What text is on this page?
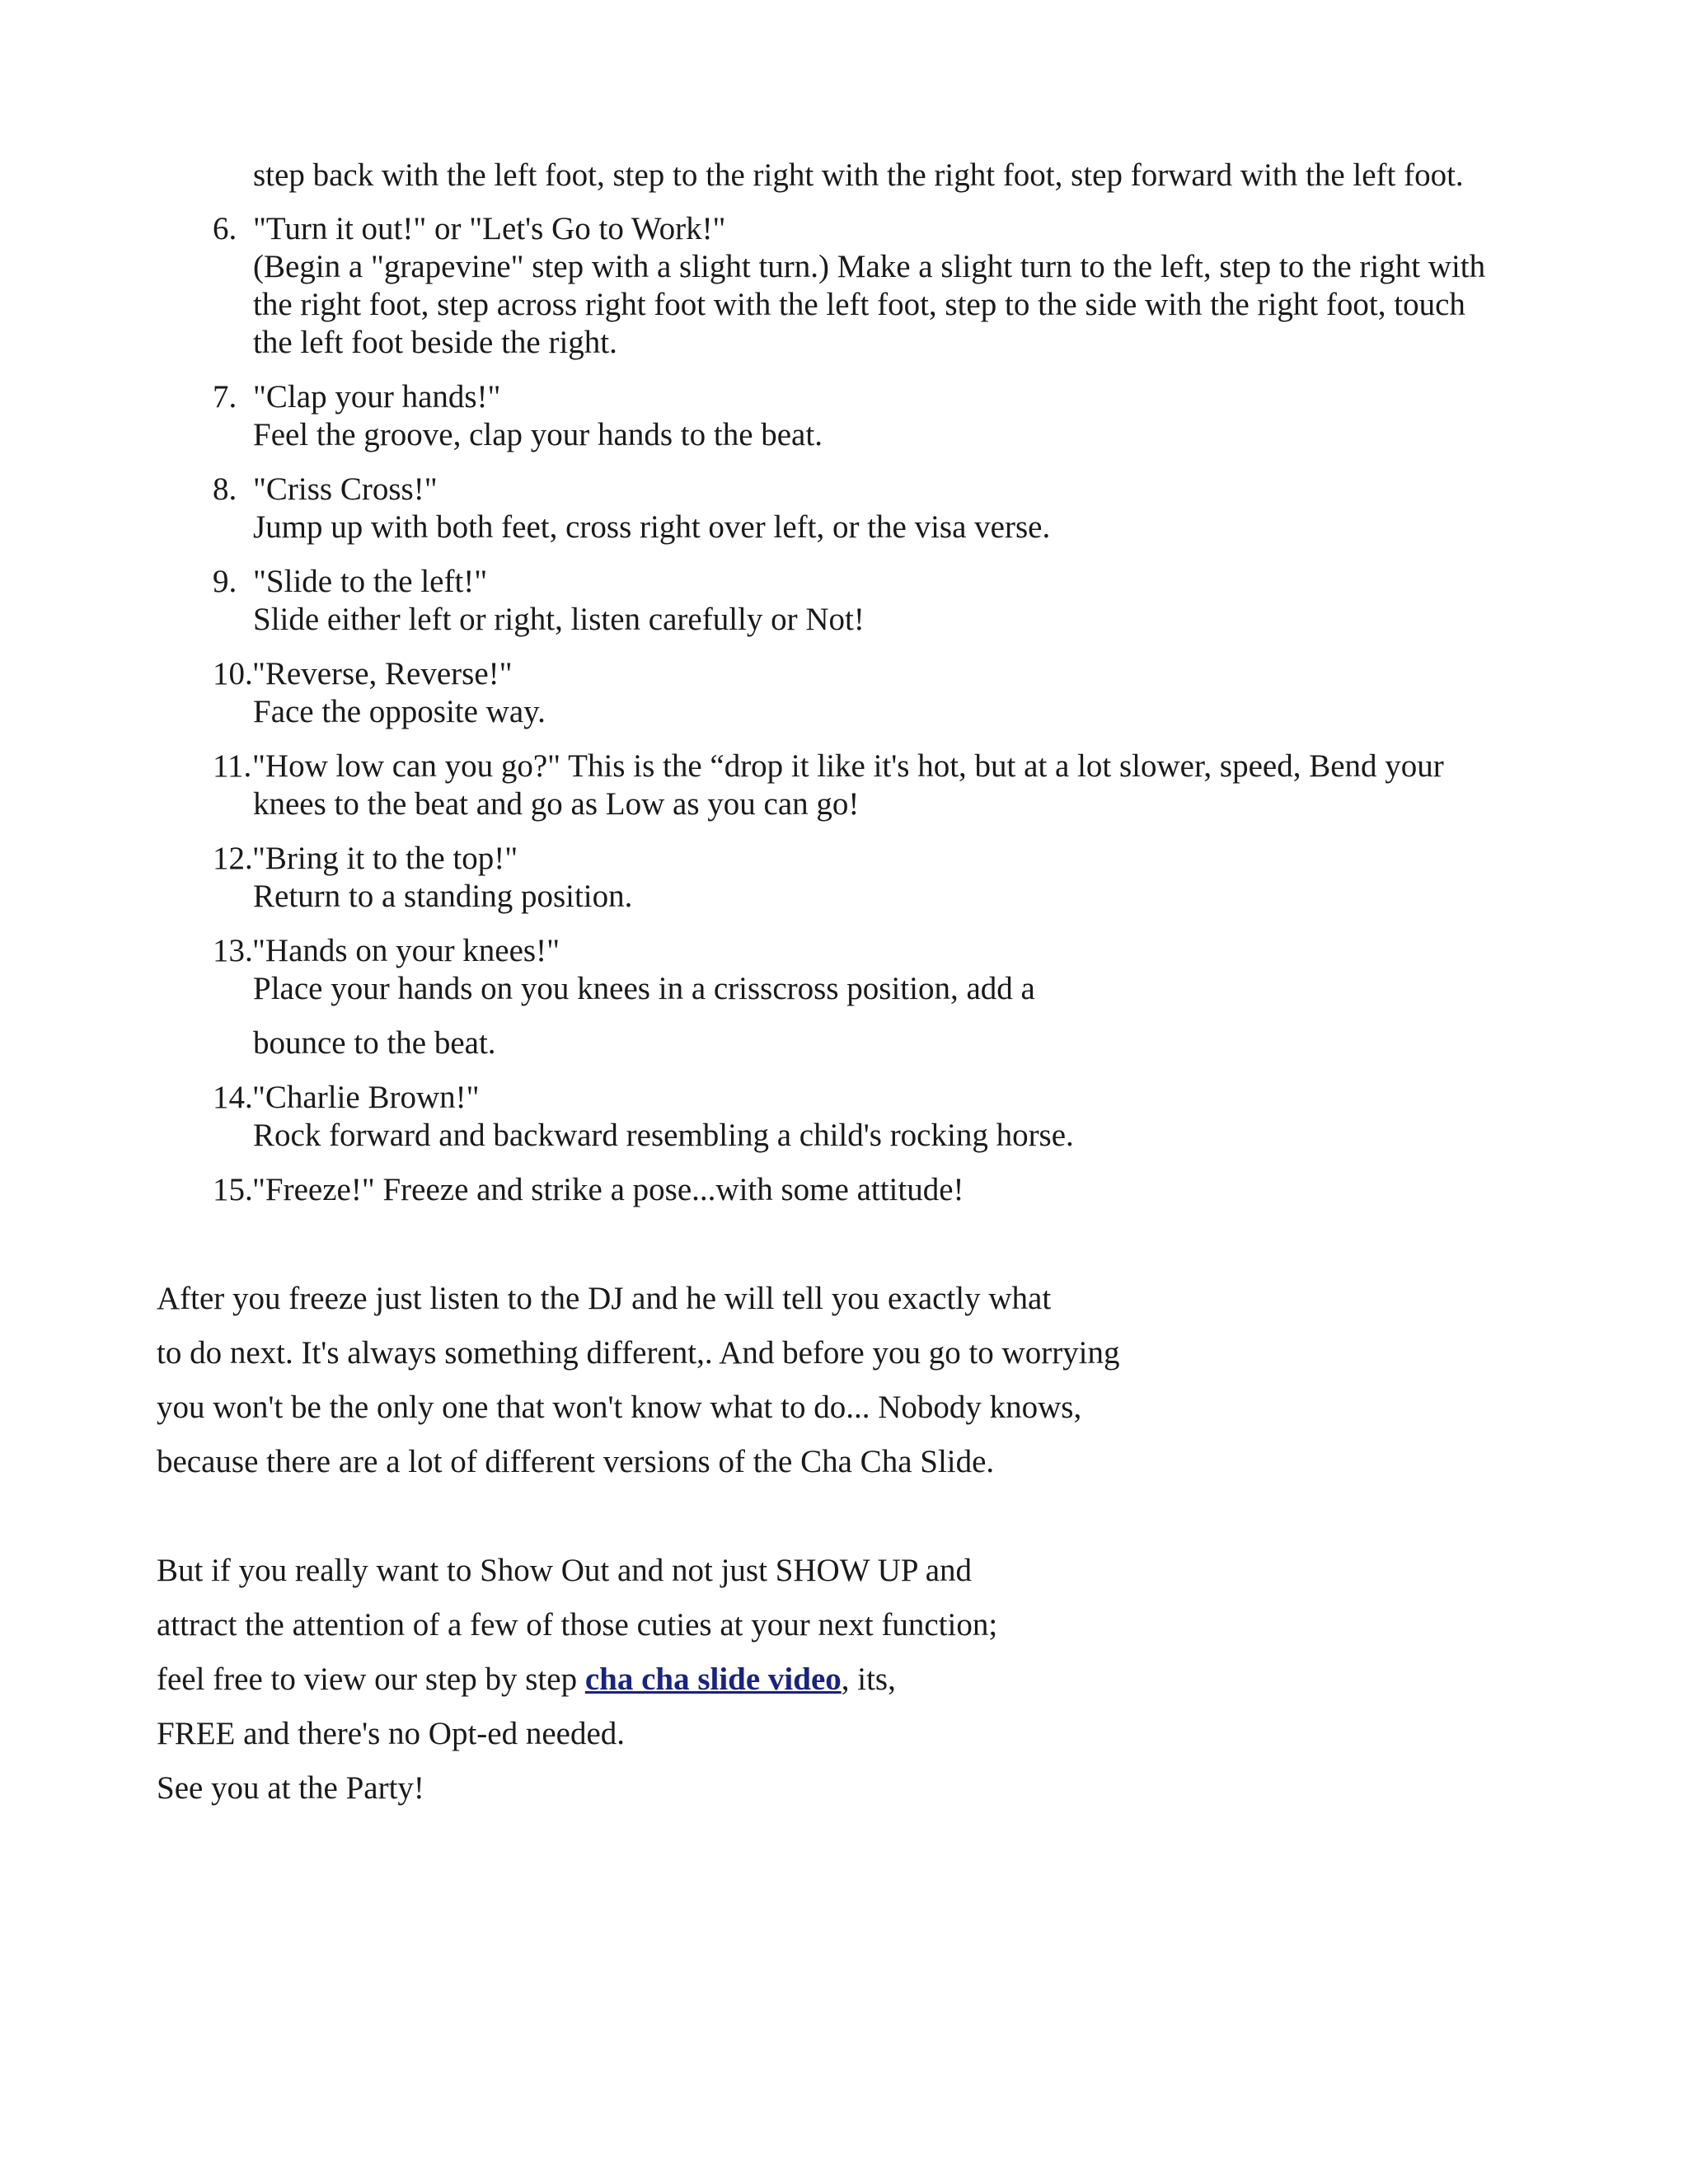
step back with the left foot, step to the right with the right foot, step forward with the left foot.
6. "Turn it out!" or "Let's Go to Work!"
(Begin a "grapevine" step with a slight turn.) Make a slight turn to the left, step to the right with
the right foot, step across right foot with the left foot, step to the side with the right foot, touch
the left foot beside the right.
7. "Clap your hands!"
Feel the groove, clap your hands to the beat.
8. "Criss Cross!"
Jump up with both feet, cross right over left, or the visa verse.
9. "Slide to the left!"
Slide either left or right, listen carefully or Not!
10. "Reverse, Reverse!"
Face the opposite way.
11. "How low can you go?" This is the “drop it like it's hot, but at a lot slower, speed, Bend your
knees to the beat and go as Low as you can go!
12. "Bring it to the top!"
Return to a standing position.
13. "Hands on your knees!"
Place your hands on you knees in a crisscross position, add a
bounce to the beat.
14. "Charlie Brown!"
Rock forward and backward resembling a child's rocking horse.
15. "Freeze!" Freeze and strike a pose...with some attitude!
After you freeze just listen to the DJ and he will tell you exactly what
to do next. It's always something different,. And before you go to worrying
you won't be the only one that won't know what to do... Nobody knows,
because there are a lot of different versions of the Cha Cha Slide.
But if you really want to Show Out and not just SHOW UP and
attract the attention of a few of those cuties at your next function;
feel free to view our step by step cha cha slide video, its,
FREE and there's no Opt-ed needed.
See you at the Party!
